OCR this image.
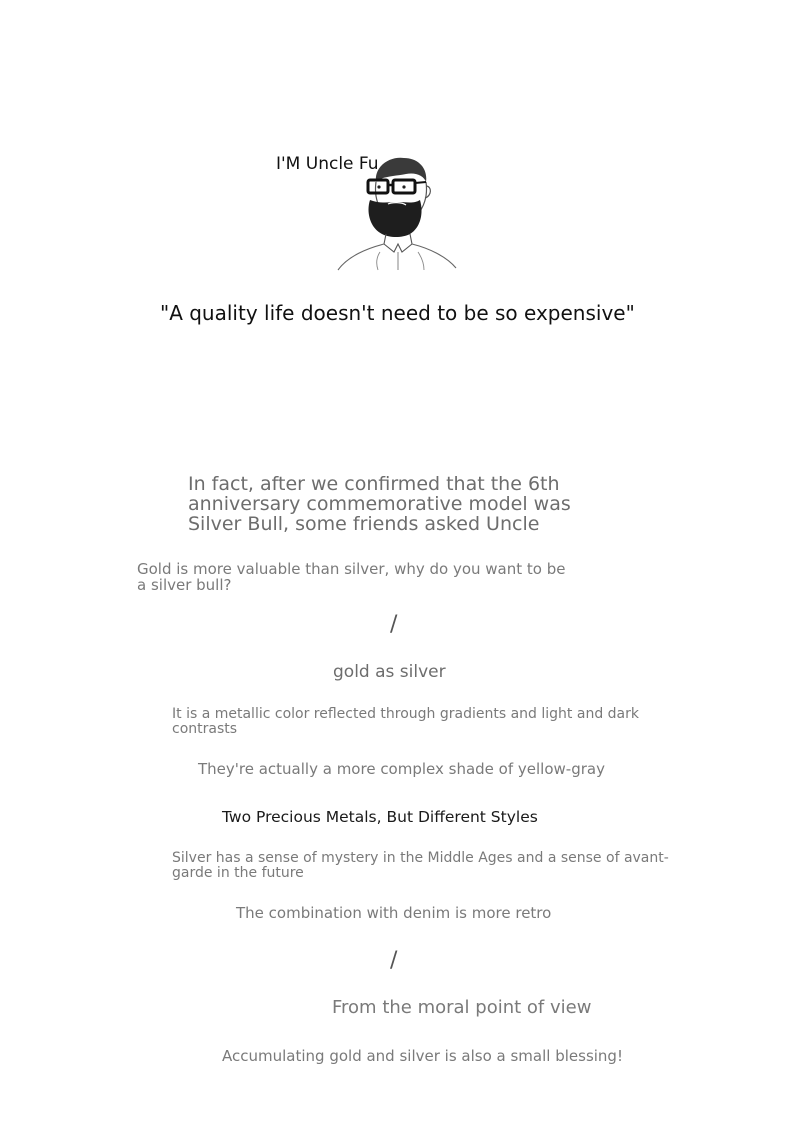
I'M Uncle Fu
"A quality life doesn't need to be so expensive"
In fact, after we confirmed that the 6th anniversary commemorative model was Silver Bull, some friends asked Uncle
Gold is more valuable than silver, why do you want to be a silver bull?
/
gold as silver
It is a metallic color reflected through gradients and light and dark contrasts
They're actually a more complex shade of yellow-gray
Two Precious Metals, But Different Styles
Silver has a sense of mystery in the Middle Ages and a sense of avant-garde in the future
The combination with denim is more retro
/
From the moral point of view
Accumulating gold and silver is also a small blessing!
